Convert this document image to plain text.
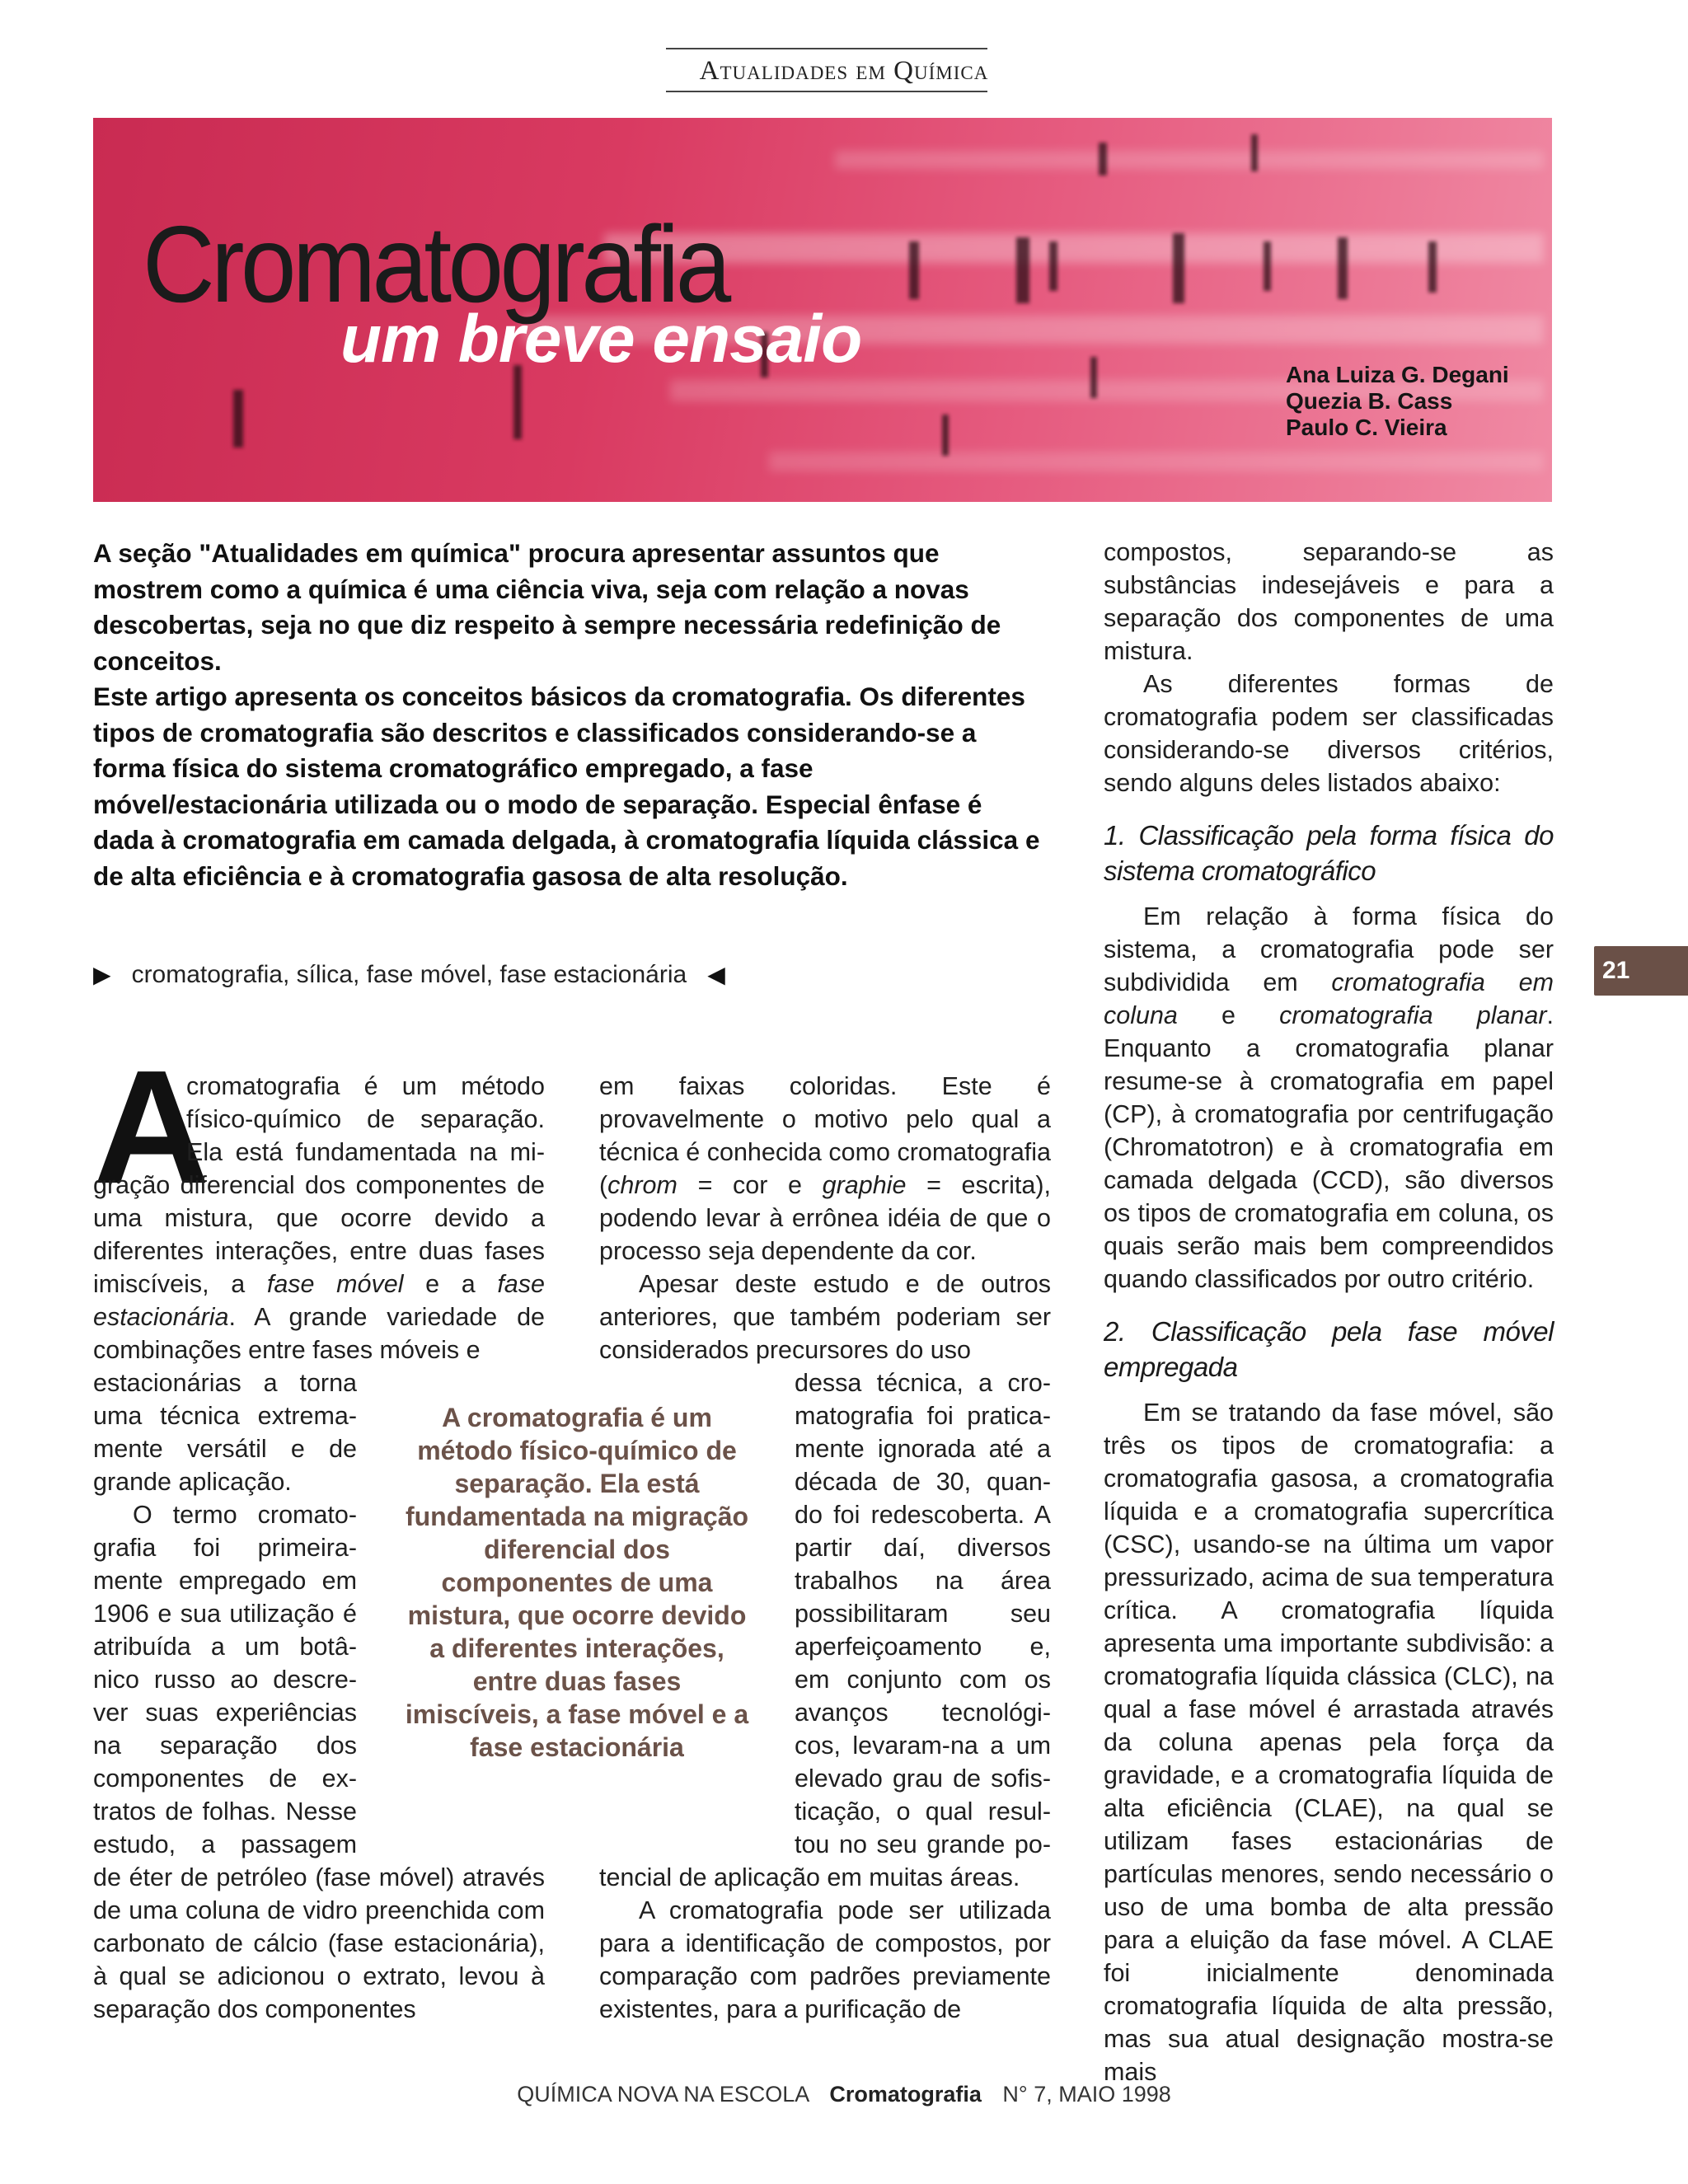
Atualidades em Química
Cromatografia
um breve ensaio	Ana Luiza G. Degani
Quezia B. Cass
Paulo C. Vieira

A seção "Atualidades em química" procura apresentar assuntos que mostrem como a química é uma ciência viva, seja com relação a novas descobertas, seja no que diz respeito à sempre necessária redefinição de conceitos.

Este artigo apresenta os conceitos básicos da cromatografia. Os diferentes tipos de cromatografia são descritos e classificados considerando-se a forma física do sistema cromatográfico empregado, a fase móvel/estacionária utilizada ou o modo de separação. Especial ênfase é dada à cromatografia em camada delgada, à cromatografia líquida clássica e de alta eficiência e à cromatografia gasosa de alta resolução.

▶ cromatografia, sílica, fase móvel, fase estacionária ◀
A
cromatografia é um método
físico-químico de separação.
Ela está fundamentada na mi-

gração diferencial dos componentes de uma mistura, que ocorre devido a diferentes interações, entre duas fases imiscíveis, a fase móvel e a fase estacionária. A grande variedade de combinações entre fases móveis e

estacionárias a torna
uma técnica extrema-
mente versátil e de
grande aplicação.
O termo cromato-
grafia foi primeira-
mente empregado em
1906 e sua utilização é
atribuída a um botâ-
nico russo ao descre-
ver suas experiências
na separação dos
componentes de ex-
tratos de folhas. Nesse
estudo, a passagem

de éter de petróleo (fase móvel) através de uma coluna de vidro preenchida com carbonato de cálcio (fase estacionária), à qual se adicionou o extrato, levou à separação dos componentes

A cromatografia é um método físico-químico de separação. Ela está fundamentada na migração diferencial dos componentes de uma mistura, que ocorre devido a diferentes interações, entre duas fases imiscíveis, a fase móvel e a fase estacionária

em faixas coloridas. Este é provavelmente o motivo pelo qual a técnica é conhecida como cromatografia (chrom = cor e graphie = escrita), podendo levar à errônea idéia de que o processo seja dependente da cor.

Apesar deste estudo e de outros anteriores, que também poderiam ser considerados precursores do uso

dessa técnica, a cro-
matografia foi pratica-
mente ignorada até a
década de 30, quan-
do foi redescoberta. A
partir daí, diversos
trabalhos na área
possibilitaram seu
aperfeiçoamento e,
em conjunto com os
avanços tecnológi-
cos, levaram-na a um
elevado grau de sofis-
ticação, o qual resul-
tou no seu grande po-

tencial de aplicação em muitas áreas.

A cromatografia pode ser utilizada para a identificação de compostos, por comparação com padrões previamente existentes, para a purificação de

compostos, separando-se as substâncias indesejáveis e para a separação dos componentes de uma mistura.

As diferentes formas de cromatografia podem ser classificadas considerando-se diversos critérios, sendo alguns deles listados abaixo:

1. Classificação pela forma física do sistema cromatográfico

Em relação à forma física do sistema, a cromatografia pode ser subdividida em cromatografia em coluna e cromatografia planar. Enquanto a cromatografia planar resume-se à cromatografia em papel (CP), à cromatografia por centrifugação (Chromatotron) e à cromatografia em camada delgada (CCD), são diversos os tipos de cromatografia em coluna, os quais serão mais bem compreendidos quando classificados por outro critério.

2. Classificação pela fase móvel empregada

Em se tratando da fase móvel, são três os tipos de cromatografia: a cromatografia gasosa, a cromatografia líquida e a cromatografia supercrítica (CSC), usando-se na última um vapor pressurizado, acima de sua temperatura crítica. A cromatografia líquida apresenta uma importante subdivisão: a cromatografia líquida clássica (CLC), na qual a fase móvel é arrastada através da coluna apenas pela força da gravidade, e a cromatografia líquida de alta eficiência (CLAE), na qual se utilizam fases estacionárias de partículas menores, sendo necessário o uso de uma bomba de alta pressão para a eluição da fase móvel. A CLAE foi inicialmente denominada cromatografia líquida de alta pressão, mas sua atual designação mostra-se mais

21
QUÍMICA NOVA NA ESCOLA Cromatografia N° 7, MAIO 1998
